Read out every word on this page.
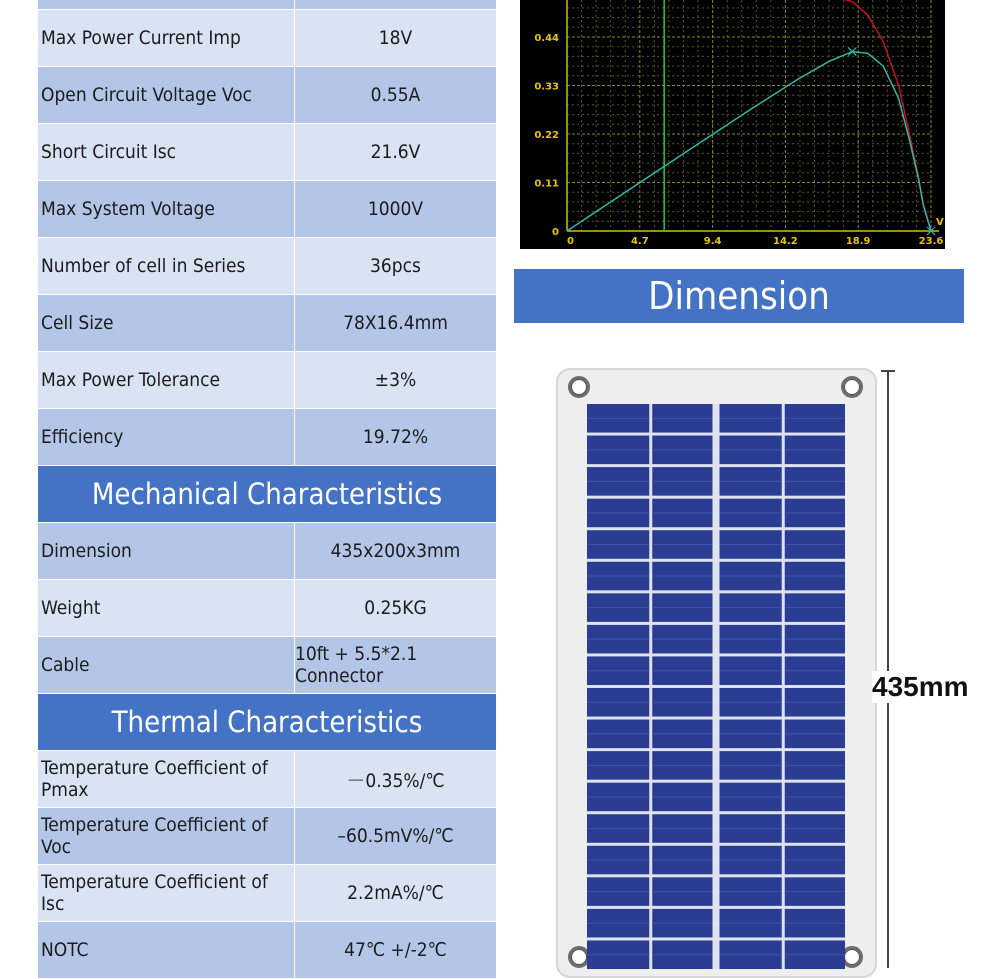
Max Power Current Imp	18V
Open Circuit Voltage Voc	0.55A
Short Circuit Isc	21.6V
Max System Voltage	1000V
Number of cell in Series	36pcs
Cell Size	78X16.4mm
Max Power Tolerance	±3%
Efficiency	19.72%
Mechanical Characteristics
Dimension	435x200x3mm
Weight	0.25KG
Cable	10ft + 5.5*2.1 Connector
Thermal Characteristics
Temperature Coefficient of Pmax	－0.35%/℃
Temperature Coefficient of Voc	–60.5mV%/℃
Temperature Coefficient of Isc	2.2mA%/℃
NOTC	47℃ +/-2℃
0	4.7	9.4	14.2	18.9	23.6
0
0.11
0.22
0.33
0.44
V
Dimension
435mm
